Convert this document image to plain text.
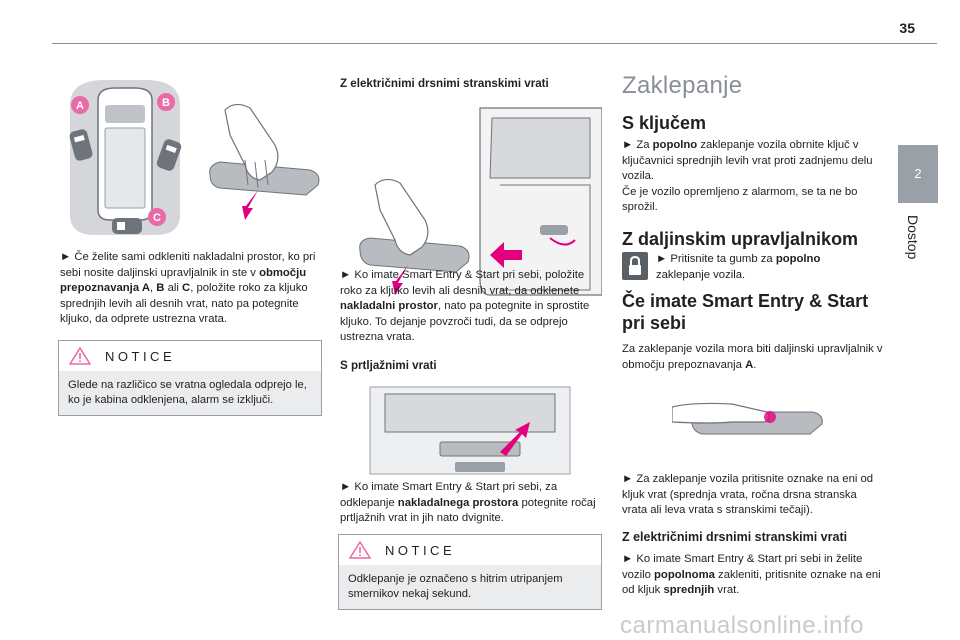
35
2
Dostop
A	B
C

► Če želite sami odkleniti nakladalni prostor, ko pri sebi nosite daljinski upravljalnik in ste v območju prepoznavanja A, B ali C, položite roko za kljuko sprednjih levih ali desnih vrat, nato pa potegnite kljuko, da odprete ustrezna vrata.

NOTICE
Glede na različico se vratna ogledala odprejo le, ko je kabina odklenjena, alarm se izključi.
Z električnimi drsnimi stranskimi vrati

► Ko imate Smart Entry & Start pri sebi, položite roko za kljuko levih ali desnih vrat, da odklenete nakladalni prostor, nato pa potegnite in sprostite kljuko. To dejanje povzroči tudi, da se odprejo ustrezna vrata.

S prtljažnimi vrati

► Ko imate Smart Entry & Start pri sebi, za odklepanje nakladalnega prostora potegnite ročaj prtljažnih vrat in jih nato dvignite.

NOTICE
Odklepanje je označeno s hitrim utripanjem smernikov nekaj sekund.
Zaklepanje
S ključem

► Za popolno zaklepanje vozila obrnite ključ v ključavnici sprednjih levih vrat proti zadnjemu delu vozila.
Če je vozilo opremljeno z alarmom, se ta ne bo sprožil.

Z daljinskim upravljalnikom

► Pritisnite ta gumb za popolno zaklepanje vozila.

Če imate Smart Entry & Start pri sebi

Za zaklepanje vozila mora biti daljinski upravljalnik v območju prepoznavanja A.

► Za zaklepanje vozila pritisnite oznake na eni od kljuk vrat (sprednja vrata, ročna drsna stranska vrata ali leva vrata s stranskimi tečaji).

Z električnimi drsnimi stranskimi vrati

► Ko imate Smart Entry & Start pri sebi in želite vozilo popolnoma zakleniti, pritisnite oznake na eni od kljuk sprednjih vrat.

carmanualsonline.info
